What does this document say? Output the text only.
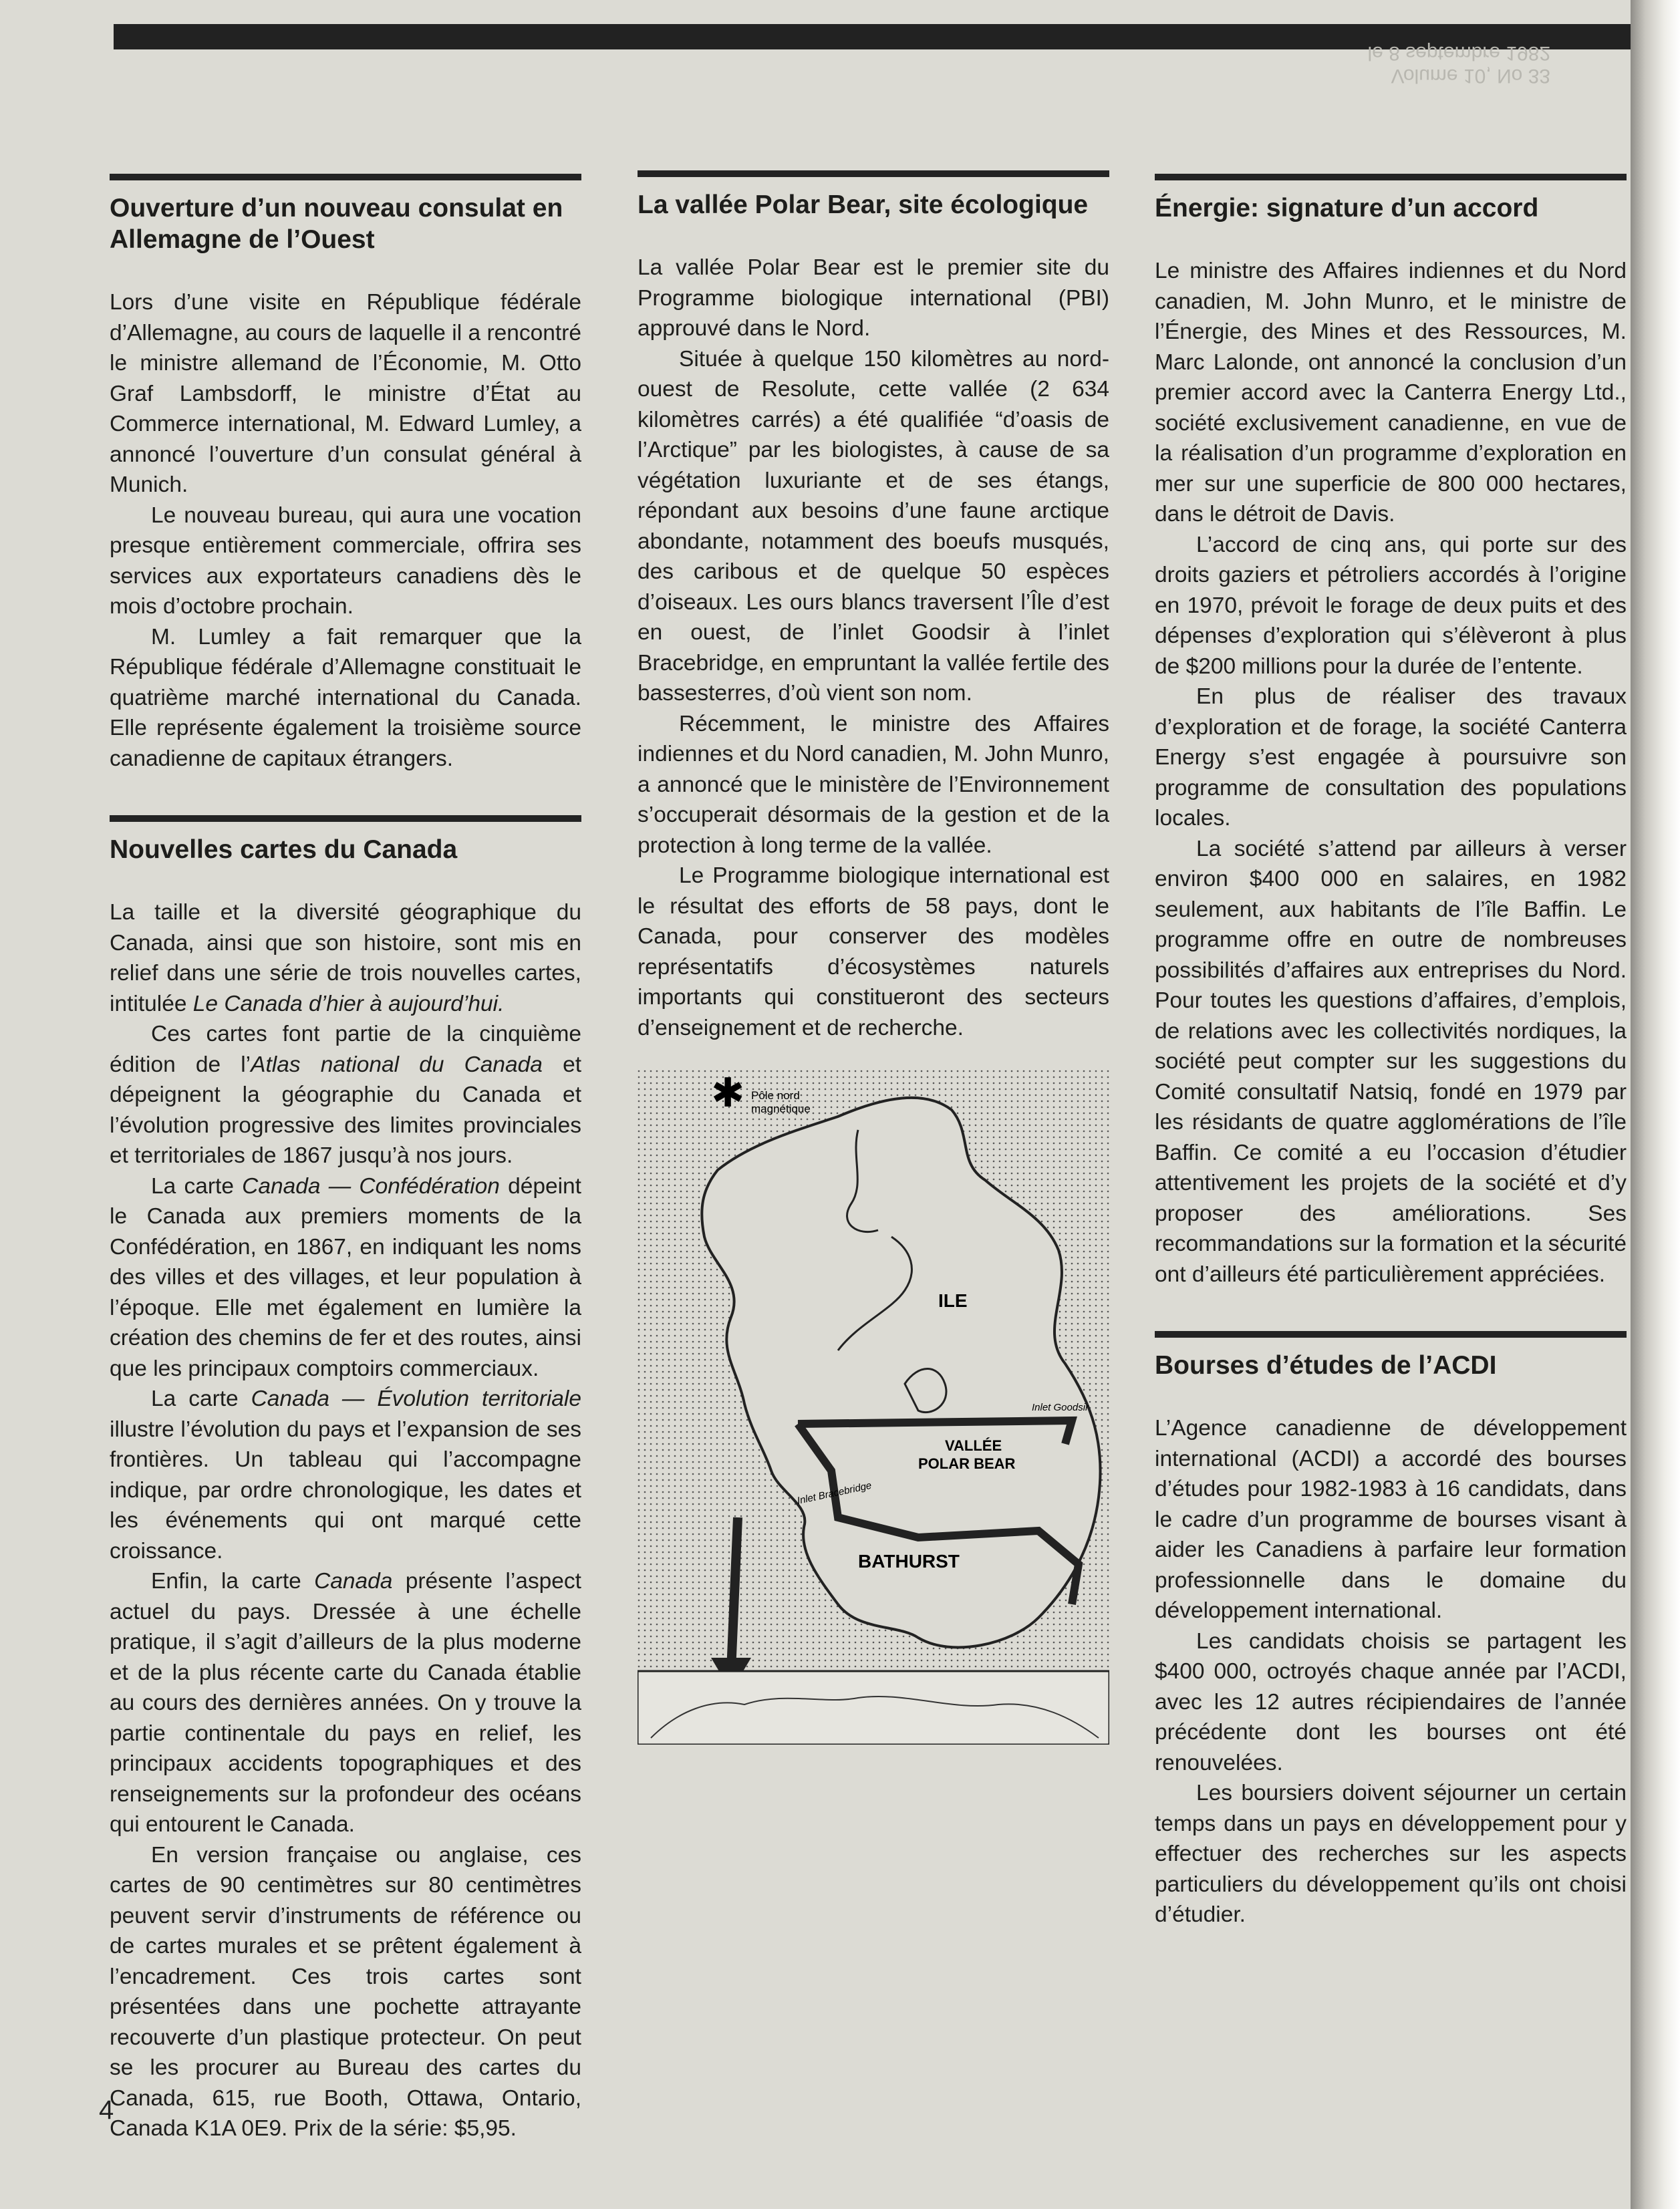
Volume 10, No 33
le 8 septembre 1982
Ouverture d’un nouveau consulat en Allemagne de l’Ouest

Lors d’une visite en République fédérale d’Allemagne, au cours de laquelle il a rencontré le ministre allemand de l’Économie, M. Otto Graf Lambsdorff, le ministre d’État au Commerce international, M. Edward Lumley, a annoncé l’ouverture d’un consulat général à Munich.

Le nouveau bureau, qui aura une vocation presque entièrement commerciale, offrira ses services aux exportateurs canadiens dès le mois d’octobre prochain.

M. Lumley a fait remarquer que la République fédérale d’Allemagne constituait le quatrième marché international du Canada. Elle représente également la troisième source canadienne de capitaux étrangers.

Nouvelles cartes du Canada

La taille et la diversité géographique du Canada, ainsi que son histoire, sont mis en relief dans une série de trois nouvelles cartes, intitulée Le Canada d’hier à aujourd’hui.

Ces cartes font partie de la cinquième édition de l’Atlas national du Canada et dépeignent la géographie du Canada et l’évolution progressive des limites provinciales et territoriales de 1867 jusqu’à nos jours.

La carte Canada — Confédération dépeint le Canada aux premiers moments de la Confédération, en 1867, en indiquant les noms des villes et des villages, et leur population à l’époque. Elle met également en lumière la création des chemins de fer et des routes, ainsi que les principaux comptoirs commerciaux.

La carte Canada — Évolution territoriale illustre l’évolution du pays et l’expansion de ses frontières. Un tableau qui l’accompagne indique, par ordre chronologique, les dates et les événements qui ont marqué cette croissance.

Enfin, la carte Canada présente l’aspect actuel du pays. Dressée à une échelle pratique, il s’agit d’ailleurs de la plus moderne et de la plus récente carte du Canada établie au cours des dernières années. On y trouve la partie continentale du pays en relief, les principaux accidents topographiques et des renseignements sur la profondeur des océans qui entourent le Canada.

En version française ou anglaise, ces cartes de 90 centimètres sur 80 centimètres peuvent servir d’instruments de référence ou de cartes murales et se prêtent également à l’encadrement. Ces trois cartes sont présentées dans une pochette attrayante recouverte d’un plastique protecteur. On peut se les procurer au Bureau des cartes du Canada, 615, rue Booth, Ottawa, Ontario, Canada K1A 0E9. Prix de la série: $5,95.

La vallée Polar Bear, site écologique

La vallée Polar Bear est le premier site du Programme biologique international (PBI) approuvé dans le Nord.

Située à quelque 150 kilomètres au nord-ouest de Resolute, cette vallée (2 634 kilomètres carrés) a été qualifiée “d’oasis de l’Arctique” par les biologistes, à cause de sa végétation luxuriante et de ses étangs, répondant aux besoins d’une faune arctique abondante, notamment des boeufs musqués, des caribous et de quelque 50 espèces d’oiseaux. Les ours blancs traversent l’Île d’est en ouest, de l’inlet Goodsir à l’inlet Bracebridge, en empruntant la vallée fertile des bassesterres, d’où vient son nom.

Récemment, le ministre des Affaires indiennes et du Nord canadien, M. John Munro, a annoncé que le ministère de l’Environnement s’occuperait désormais de la gestion et de la protection à long terme de la vallée.

Le Programme biologique international est le résultat des efforts de 58 pays, dont le Canada, pour conserver des modèles représentatifs d’écosystèmes naturels importants qui constitueront des secteurs d’enseignement et de recherche.

✱ Pôle nord
magnétique
ILE
Inlet Goodsir
VALLÉE
POLAR BEAR
Inlet Bracebridge
BATHURST
Énergie: signature d’un accord

Le ministre des Affaires indiennes et du Nord canadien, M. John Munro, et le ministre de l’Énergie, des Mines et des Ressources, M. Marc Lalonde, ont annoncé la conclusion d’un premier accord avec la Canterra Energy Ltd., société exclusivement canadienne, en vue de la réalisation d’un programme d’exploration en mer sur une superficie de 800 000 hectares, dans le détroit de Davis.

L’accord de cinq ans, qui porte sur des droits gaziers et pétroliers accordés à l’origine en 1970, prévoit le forage de deux puits et des dépenses d’exploration qui s’élèveront à plus de $200 millions pour la durée de l’entente.

En plus de réaliser des travaux d’exploration et de forage, la société Canterra Energy s’est engagée à poursuivre son programme de consultation des populations locales.

La société s’attend par ailleurs à verser environ $400 000 en salaires, en 1982 seulement, aux habitants de l’île Baffin. Le programme offre en outre de nombreuses possibilités d’affaires aux entreprises du Nord. Pour toutes les questions d’affaires, d’emplois, de relations avec les collectivités nordiques, la société peut compter sur les suggestions du Comité consultatif Natsiq, fondé en 1979 par les résidants de quatre agglomérations de l’île Baffin. Ce comité a eu l’occasion d’étudier attentivement les projets de la société et d’y proposer des améliorations. Ses recommandations sur la formation et la sécurité ont d’ailleurs été particulièrement appréciées.

Bourses d’études de l’ACDI

L’Agence canadienne de développement international (ACDI) a accordé des bourses d’études pour 1982-1983 à 16 candidats, dans le cadre d’un programme de bourses visant à aider les Canadiens à parfaire leur formation professionnelle dans le domaine du développement international.

Les candidats choisis se partagent les $400 000, octroyés chaque année par l’ACDI, avec les 12 autres récipiendaires de l’année précédente dont les bourses ont été renouvelées.

Les boursiers doivent séjourner un certain temps dans un pays en développement pour y effectuer des recherches sur les aspects particuliers du développement qu’ils ont choisi d’étudier.

4
